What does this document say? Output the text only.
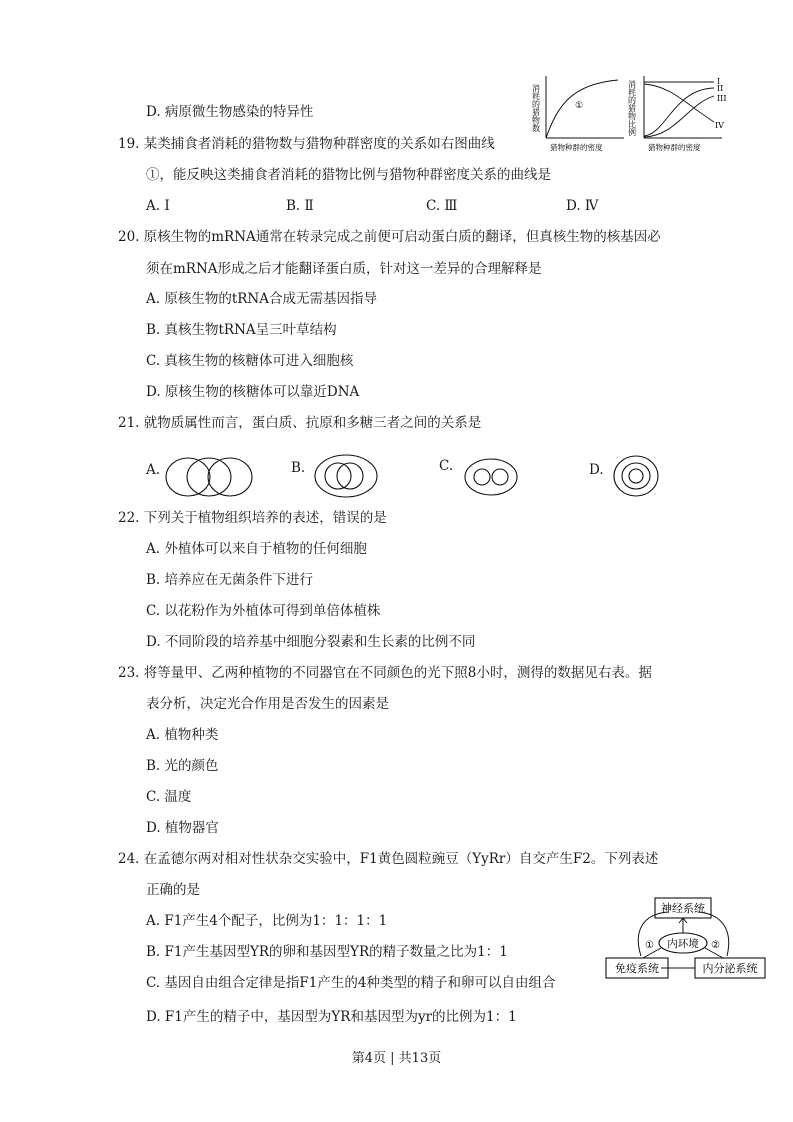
D. 病原微生物感染的特异性	消耗的猎物数	①
猎物种群的密度
消耗的猎物比例	I
II
III
IV
猎物种群的密度
19. 某类捕食者消耗的猎物数与猎物种群密度的关系如右图曲线
①，能反映这类捕食者消耗的猎物比例与猎物种群密度关系的曲线是
A. Ⅰ	B. Ⅱ	C. Ⅲ	D. Ⅳ
20. 原核生物的mRNA通常在转录完成之前便可启动蛋白质的翻译，但真核生物的核基因必
须在mRNA形成之后才能翻译蛋白质，针对这一差异的合理解释是
A. 原核生物的tRNA合成无需基因指导
B. 真核生物tRNA呈三叶草结构
C. 真核生物的核糖体可进入细胞核
D. 原核生物的核糖体可以靠近DNA
21. 就物质属性而言，蛋白质、抗原和多糖三者之间的关系是
A.	B.	C.	D.
22. 下列关于植物组织培养的表述，错误的是
A. 外植体可以来自于植物的任何细胞
B. 培养应在无菌条件下进行
C. 以花粉作为外植体可得到单倍体植株
D. 不同阶段的培养基中细胞分裂素和生长素的比例不同
23. 将等量甲、乙两种植物的不同器官在不同颜色的光下照8小时，测得的数据见右表。据
表分析，决定光合作用是否发生的因素是
A. 植物种类
B. 光的颜色
C. 温度
D. 植物器官
24. 在孟德尔两对相对性状杂交实验中，F1黄色圆粒豌豆（YyRr）自交产生F2。下列表述
正确的是
A. F1产生4个配子，比例为1：1：1：1
B. F1产生基因型YR的卵和基因型YR的精子数量之比为1：1
C. 基因自由组合定律是指F1产生的4种类型的精子和卵可以自由组合
D. F1产生的精子中，基因型为YR和基因型为yr的比例为1：1
神经系统
内环境
免疫系统	内分泌系统
①	②
第4页 | 共13页
